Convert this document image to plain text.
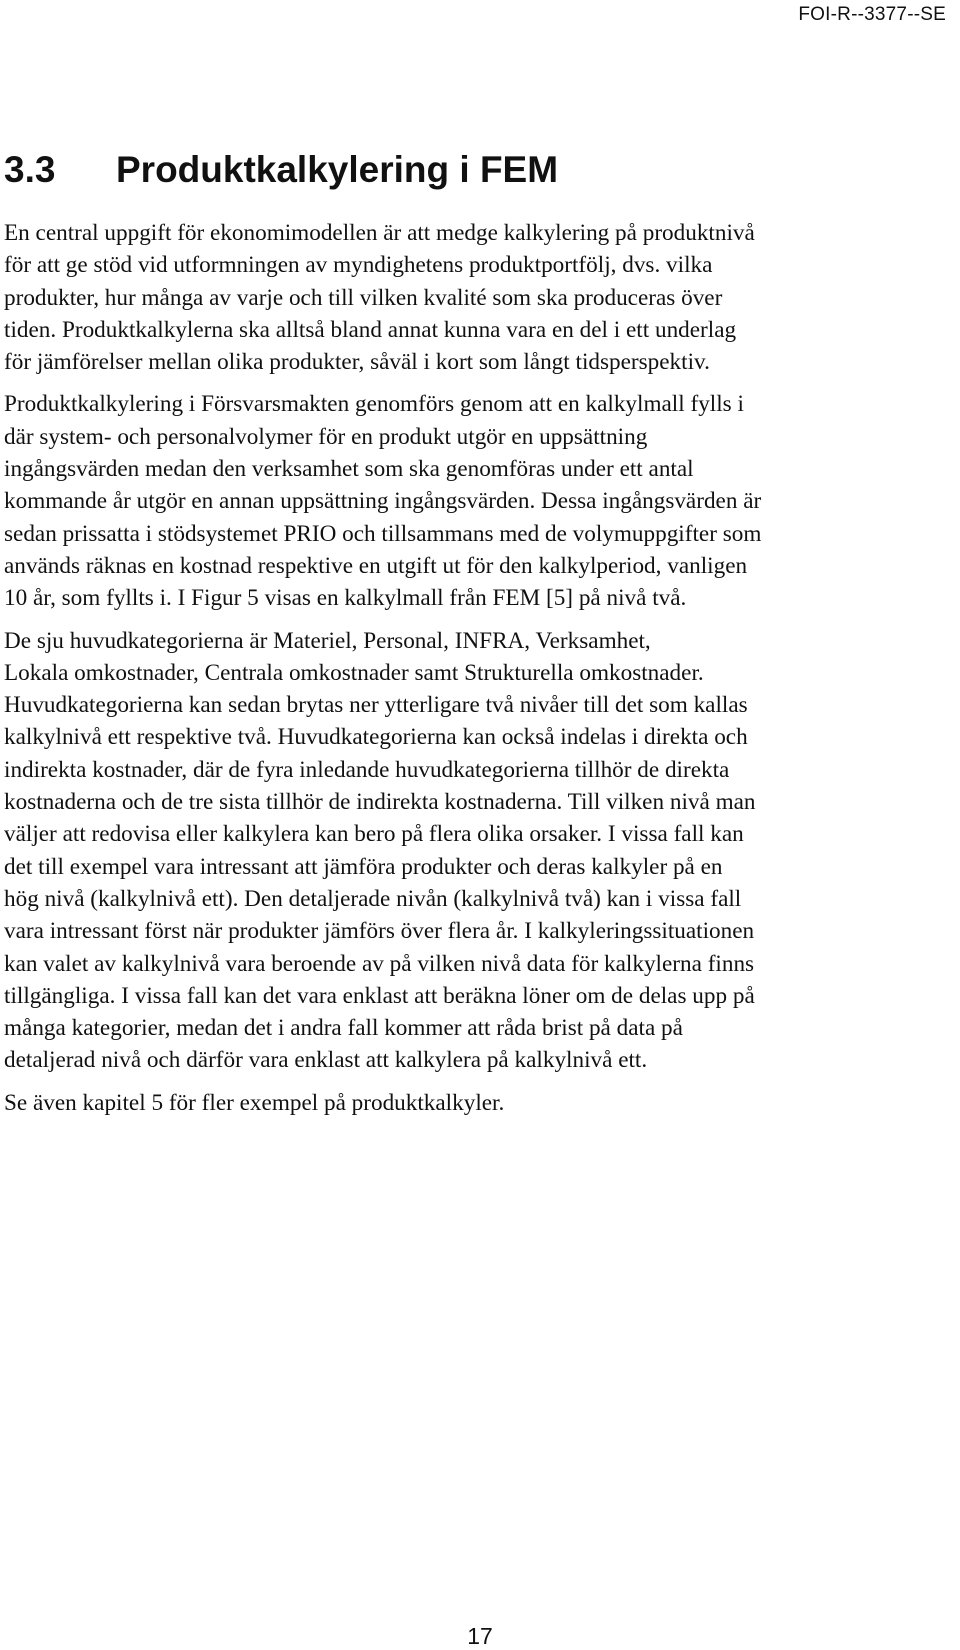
FOI-R--3377--SE
3.3 Produktkalkylering i FEM

En central uppgift för ekonomimodellen är att medge kalkylering på produktnivå
för att ge stöd vid utformningen av myndighetens produktportfölj, dvs. vilka
produkter, hur många av varje och till vilken kvalité som ska produceras över
tiden. Produktkalkylerna ska alltså bland annat kunna vara en del i ett underlag
för jämförelser mellan olika produkter, såväl i kort som långt tidsperspektiv.

Produktkalkylering i Försvarsmakten genomförs genom att en kalkylmall fylls i
där system- och personalvolymer för en produkt utgör en uppsättning
ingångsvärden medan den verksamhet som ska genomföras under ett antal
kommande år utgör en annan uppsättning ingångsvärden. Dessa ingångsvärden är
sedan prissatta i stödsystemet PRIO och tillsammans med de volymuppgifter som
används räknas en kostnad respektive en utgift ut för den kalkylperiod, vanligen
10 år, som fyllts i. I Figur 5 visas en kalkylmall från FEM [5] på nivå två.

De sju huvudkategorierna är Materiel, Personal, INFRA, Verksamhet,
Lokala omkostnader, Centrala omkostnader samt Strukturella omkostnader.
Huvudkategorierna kan sedan brytas ner ytterligare två nivåer till det som kallas
kalkylnivå ett respektive två. Huvudkategorierna kan också indelas i direkta och
indirekta kostnader, där de fyra inledande huvudkategorierna tillhör de direkta
kostnaderna och de tre sista tillhör de indirekta kostnaderna. Till vilken nivå man
väljer att redovisa eller kalkylera kan bero på flera olika orsaker. I vissa fall kan
det till exempel vara intressant att jämföra produkter och deras kalkyler på en
hög nivå (kalkylnivå ett). Den detaljerade nivån (kalkylnivå två) kan i vissa fall
vara intressant först när produkter jämförs över flera år. I kalkyleringssituationen
kan valet av kalkylnivå vara beroende av på vilken nivå data för kalkylerna finns
tillgängliga. I vissa fall kan det vara enklast att beräkna löner om de delas upp på
många kategorier, medan det i andra fall kommer att råda brist på data på
detaljerad nivå och därför vara enklast att kalkylera på kalkylnivå ett.

Se även kapitel 5 för fler exempel på produktkalkyler.

17
